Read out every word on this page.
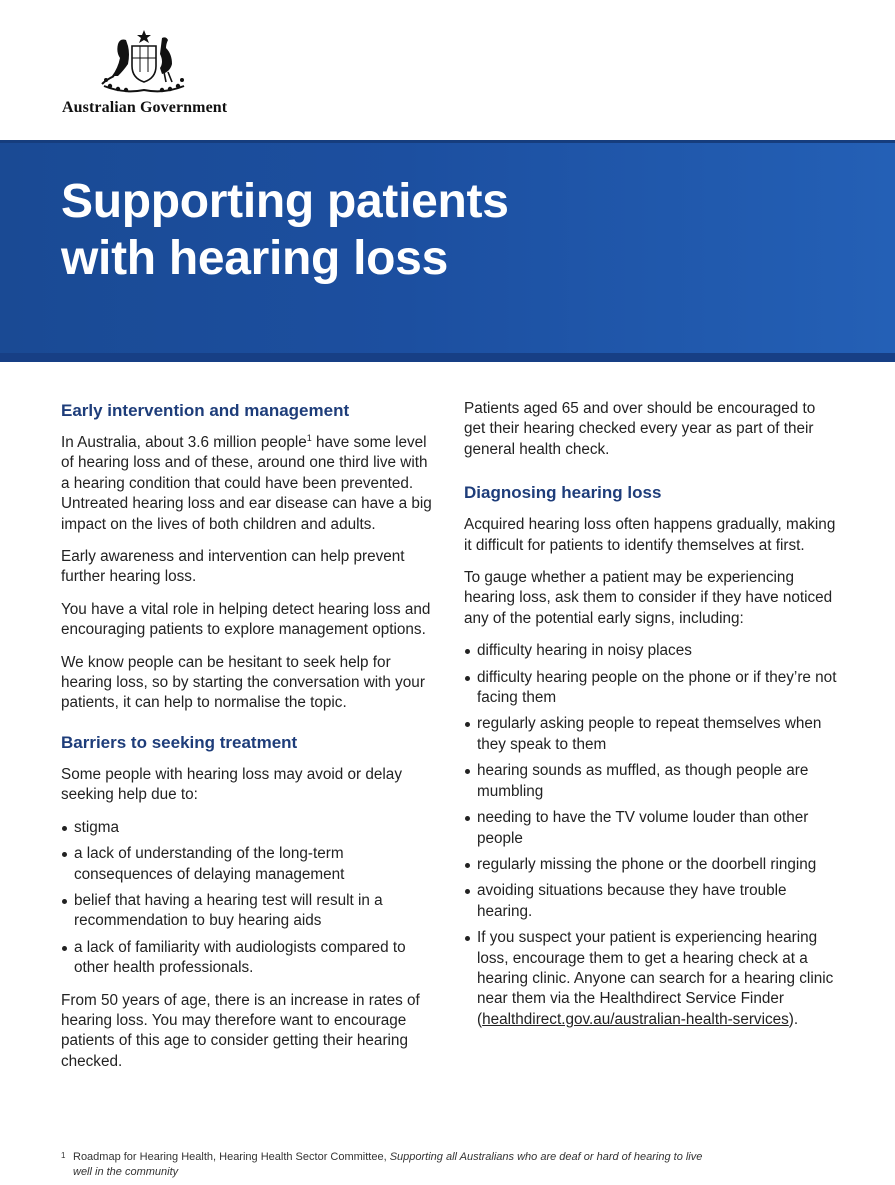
Australian Government
Supporting patients
with hearing loss
Early intervention and management

In Australia, about 3.6 million people$^1$ have some level of hearing loss and of these, around one third live with a hearing condition that could have been prevented. Untreated hearing loss and ear disease can have a big impact on the lives of both children and adults.

Early awareness and intervention can help prevent further hearing loss.

You have a vital role in helping detect hearing loss and encouraging patients to explore management options.

We know people can be hesitant to seek help for hearing loss, so by starting the conversation with your patients, it can help to normalise the topic.

Barriers to seeking treatment

Some people with hearing loss may avoid or delay seeking help due to:

stigma
a lack of understanding of the long-term consequences of delaying management
belief that having a hearing test will result in a recommendation to buy hearing aids
a lack of familiarity with audiologists compared to other health professionals.

From 50 years of age, there is an increase in rates of hearing loss. You may therefore want to encourage patients of this age to consider getting their hearing checked.

Patients aged 65 and over should be encouraged to get their hearing checked every year as part of their general health check.

Diagnosing hearing loss

Acquired hearing loss often happens gradually, making it difficult for patients to identify themselves at first.

To gauge whether a patient may be experiencing hearing loss, ask them to consider if they have noticed any of the potential early signs, including:

difficulty hearing in noisy places
difficulty hearing people on the phone or if they’re not facing them
regularly asking people to repeat themselves when they speak to them
hearing sounds as muffled, as though people are mumbling
needing to have the TV volume louder than other people
regularly missing the phone or the doorbell ringing
avoiding situations because they have trouble hearing.
If you suspect your patient is experiencing hearing loss, encourage them to get a hearing check at a hearing clinic. Anyone can search for a hearing clinic near them via the Healthdirect Service Finder (healthdirect.gov.au/australian-health-services).
1 Roadmap for Hearing Health, Hearing Health Sector Committee, Supporting all Australians who are deaf or hard of hearing to live well in the community
